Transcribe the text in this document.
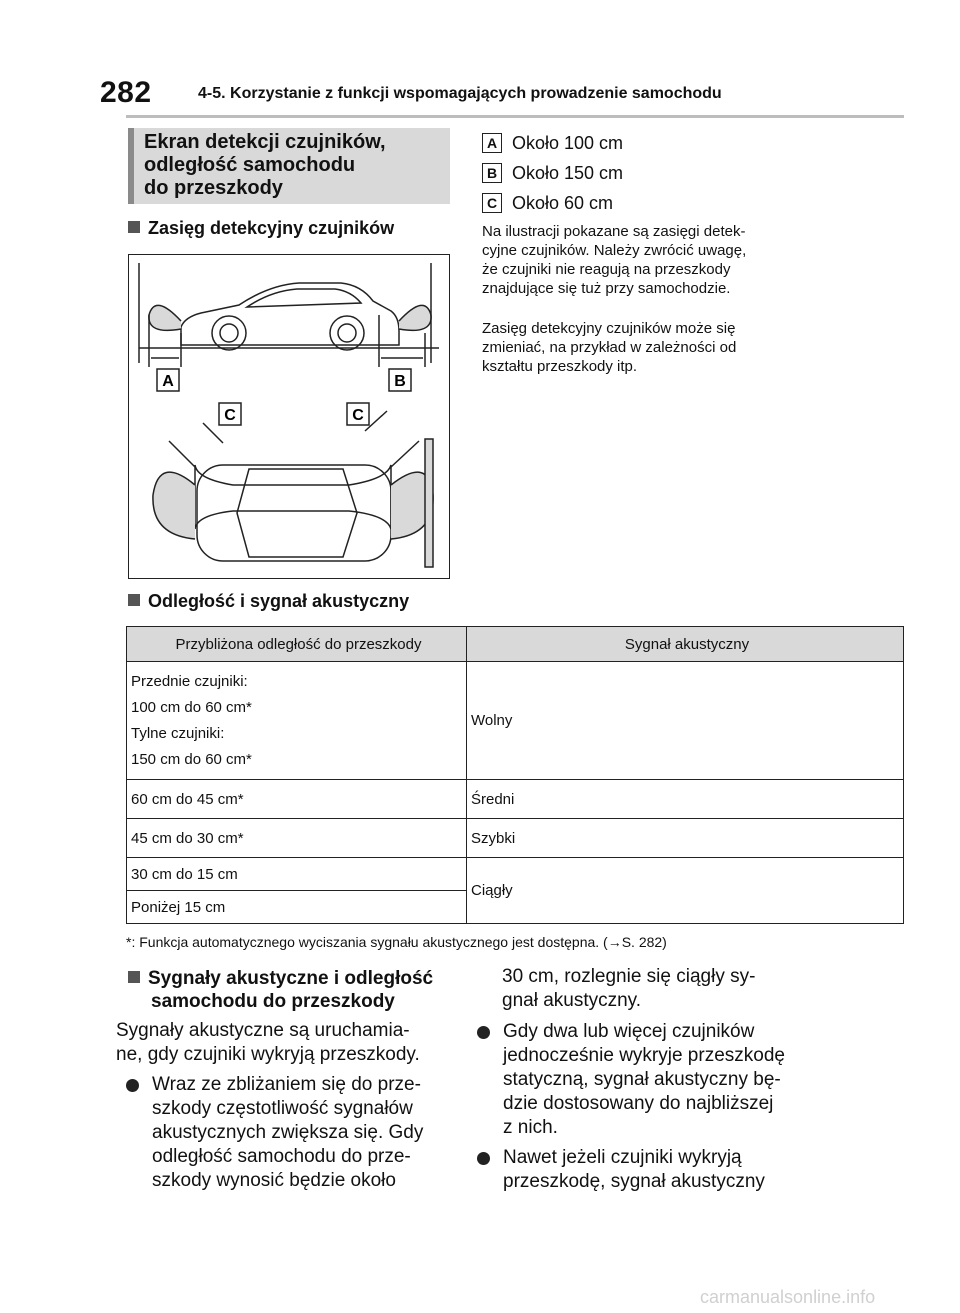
282	4-5. Korzystanie z funkcji wspomagających prowadzenie samochodu
Ekran detekcji czujników,
odległość samochodu
do przeszkody
Zasięg detekcyjny czujników
A	B
C	C
A Około 100 cm
B Około 150 cm
C Około 60 cm
Na ilustracji pokazane są zasięgi detek-
cyjne czujników. Należy zwrócić uwagę,
że czujniki nie reagują na przeszkody
znajdujące się tuż przy samochodzie.
Zasięg detekcyjny czujników może się
zmieniać, na przykład w zależności od
kształtu przeszkody itp.
Odległość i sygnał akustyczny
Przybliżona odległość do przeszkody	Sygnał akustyczny

Przednie czujniki:

100 cm do 60 cm*

Tylne czujniki:

150 cm do 60 cm*	Wolny
60 cm do 45 cm*	Średni
45 cm do 30 cm*	Szybki
30 cm do 15 cm	Ciągły
Poniżej 15 cm	
*: Funkcja automatycznego wyciszania sygnału akustycznego jest dostępna. (→S. 282)
Sygnały akustyczne i odległość
samochodu do przeszkody
Sygnały akustyczne są uruchamia-
ne, gdy czujniki wykryją przeszkody.
Wraz ze zbliżaniem się do prze-
szkody częstotliwość sygnałów
akustycznych zwiększa się. Gdy
odległość samochodu do prze-
szkody wynosić będzie około
30 cm, rozlegnie się ciągły sy-
gnał akustyczny.
Gdy dwa lub więcej czujników
jednocześnie wykryje przeszkodę
statyczną, sygnał akustyczny bę-
dzie dostosowany do najbliższej
z nich.
Nawet jeżeli czujniki wykryją
przeszkodę, sygnał akustyczny
carmanualsonline.info
